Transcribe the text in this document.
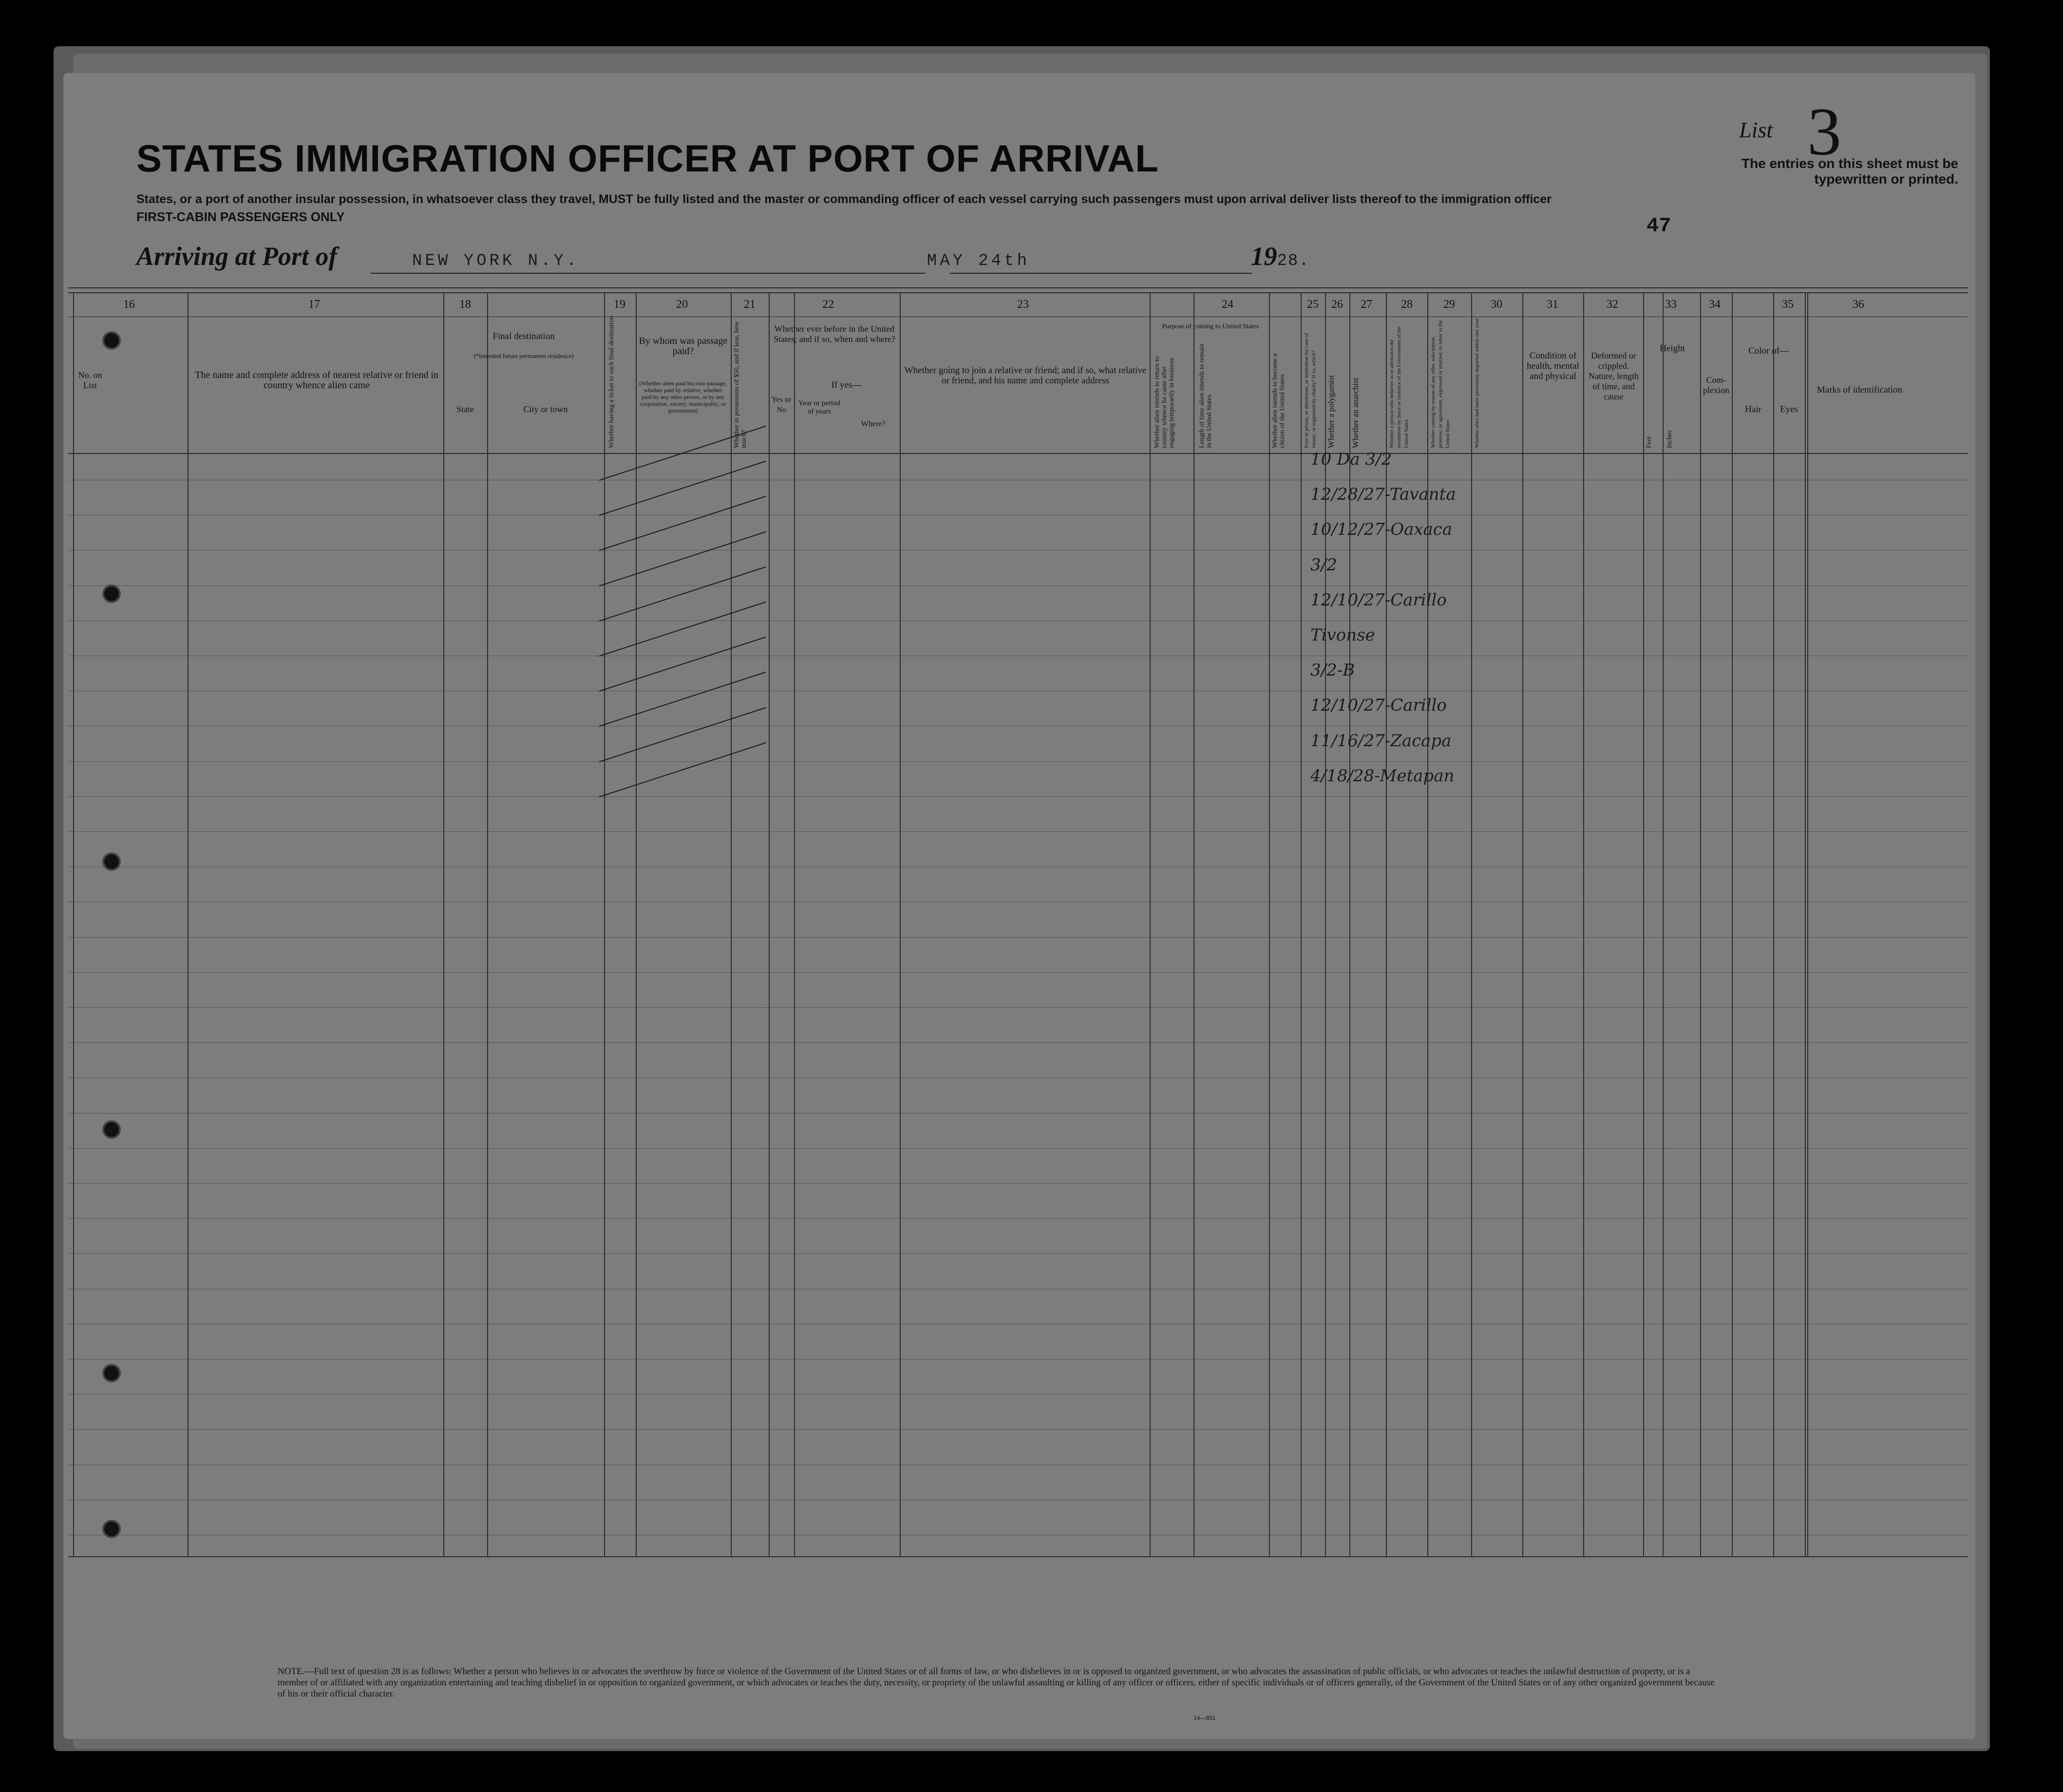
STATES IMMIGRATION OFFICER AT PORT OF ARRIVAL
States, or a port of another insular possession, in whatsoever class they travel, MUST be fully listed and the master or commanding officer of each vessel carrying such passengers must upon arrival deliver lists thereof to the immigration officer
FIRST-CABIN PASSENGERS ONLY
List 3
The entries on this sheet must be typewritten or printed.
47
Arriving at Port of	NEW YORK N.Y.	MAY 24th	1928.
16	17	18	19	20	21	22	23	24	25	26	27	28	29	30	31	32	33	34	35	36
No. on List
The name and complete address of nearest relative or friend in country whence alien came
Final destination
(*Intended future permanent residence)
State	City or town	Whether having a ticket to such final destination	By whom was passage paid?
(Whether alien paid his own passage, whether paid by relative, whether paid by any other person, or by any corporation, society, municipality, or government)	Whether in possession of $50, and if less, how much?
Whether ever before in the United States; and if so, when and where?
Yes or No
If yes—
Year or period of years
Where?
Whether going to join a relative or friend; and if so, what relative or friend, and his name and complete address
Purpose of coming to United States
Whether alien intends to return to country whence he came after engaging temporarily in business	Length of time alien intends to remain in the United States	Whether alien intends to become a citizen of the United States	Ever in prison, or almshouse, or institution for care of insane, or supported by charity? If so, which?	Whether a polygamist	Whether an anarchist	Whether a person who believes in or advocates the overthrow by force or violence of the Government of the United States	Whether coming by reason of any offer, solicitation, promise, or agreement, expressed or implied, to labor in the United States	Whether alien had been previously deported within one year	Condition of health, mental and physical
Deformed or crippled. Nature, length of time, and cause
Height
Feet	Inches
Com-plexion
Color of—
Hair	Eyes
Marks of identification
10 Da 3/2
12/28/27-Tavanta
10/12/27-Oaxaca
3/2
12/10/27-Carillo
Tivonse
3/2-B
12/10/27-Carillo
11/16/27-Zacapa
4/18/28-Metapan
NOTE.—Full text of question 28 is as follows: Whether a person who believes in or advocates the overthrow by force or violence of the Government of the United States or of all forms of law, or who disbelieves in or is opposed to organized government, or who advocates the assassination of public officials, or who advocates or teaches the unlawful destruction of property, or is a member of or affiliated with any organization entertaining and teaching disbelief in or opposition to organized government, or which advocates or teaches the duty, necessity, or propriety of the unlawful assaulting or killing of any officer or officers, either of specific individuals or of officers generally, of the Government of the United States or of any other organized government because of his or their official character.
14—831
